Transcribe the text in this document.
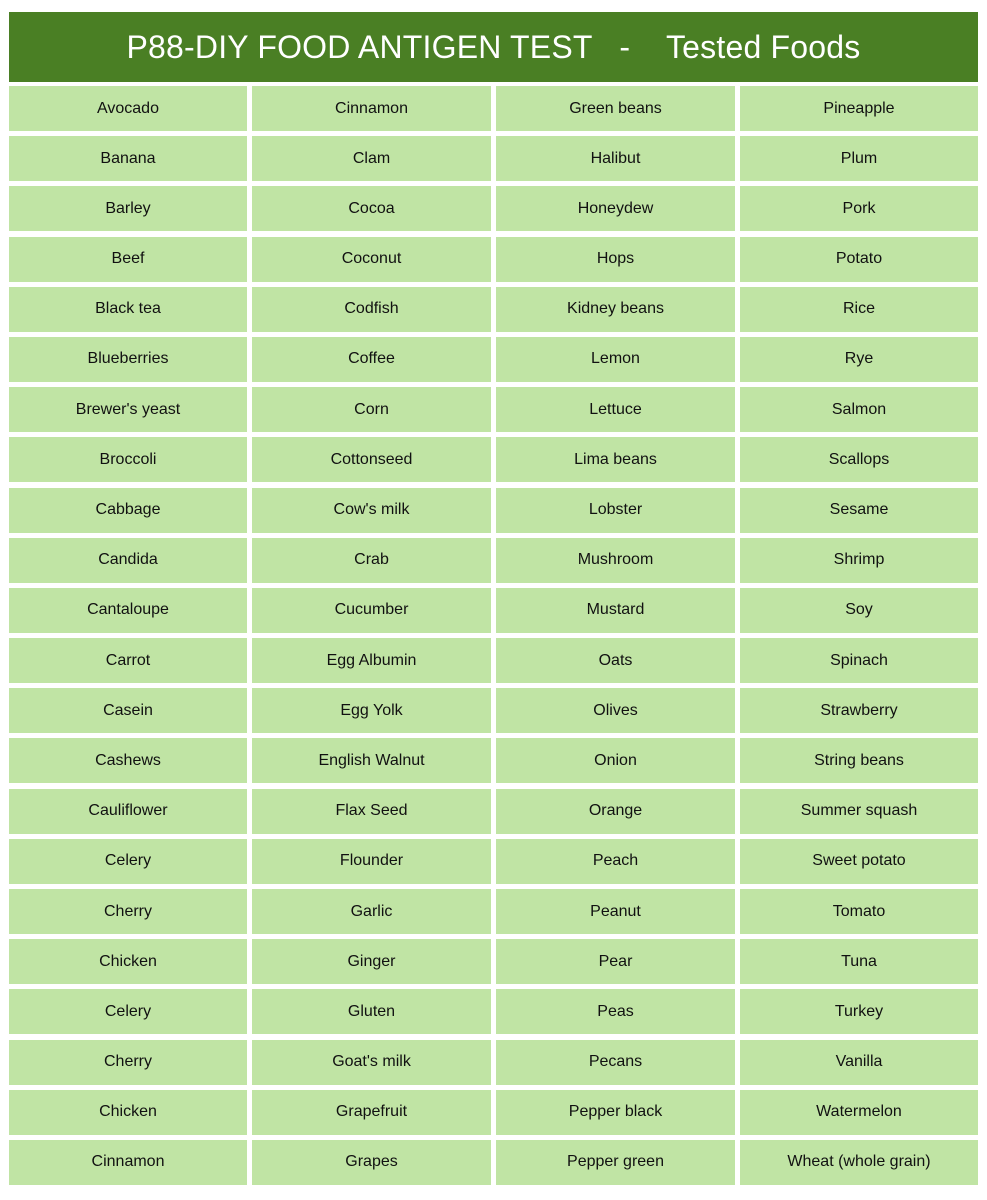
P88-DIY FOOD ANTIGEN TEST   -    Tested Foods
Avocado	Cinnamon	Green beans	Pineapple
Banana	Clam	Halibut	Plum
Barley	Cocoa	Honeydew	Pork
Beef	Coconut	Hops	Potato
Black tea	Codfish	Kidney beans	Rice
Blueberries	Coffee	Lemon	Rye
Brewer's yeast	Corn	Lettuce	Salmon
Broccoli	Cottonseed	Lima beans	Scallops
Cabbage	Cow's milk	Lobster	Sesame
Candida	Crab	Mushroom	Shrimp
Cantaloupe	Cucumber	Mustard	Soy
Carrot	Egg Albumin	Oats	Spinach
Casein	Egg Yolk	Olives	Strawberry
Cashews	English Walnut	Onion	String beans
Cauliflower	Flax Seed	Orange	Summer squash
Celery	Flounder	Peach	Sweet potato
Cherry	Garlic	Peanut	Tomato
Chicken	Ginger	Pear	Tuna
Celery	Gluten	Peas	Turkey
Cherry	Goat's milk	Pecans	Vanilla
Chicken	Grapefruit	Pepper black	Watermelon
Cinnamon	Grapes	Pepper green	Wheat (whole grain)
